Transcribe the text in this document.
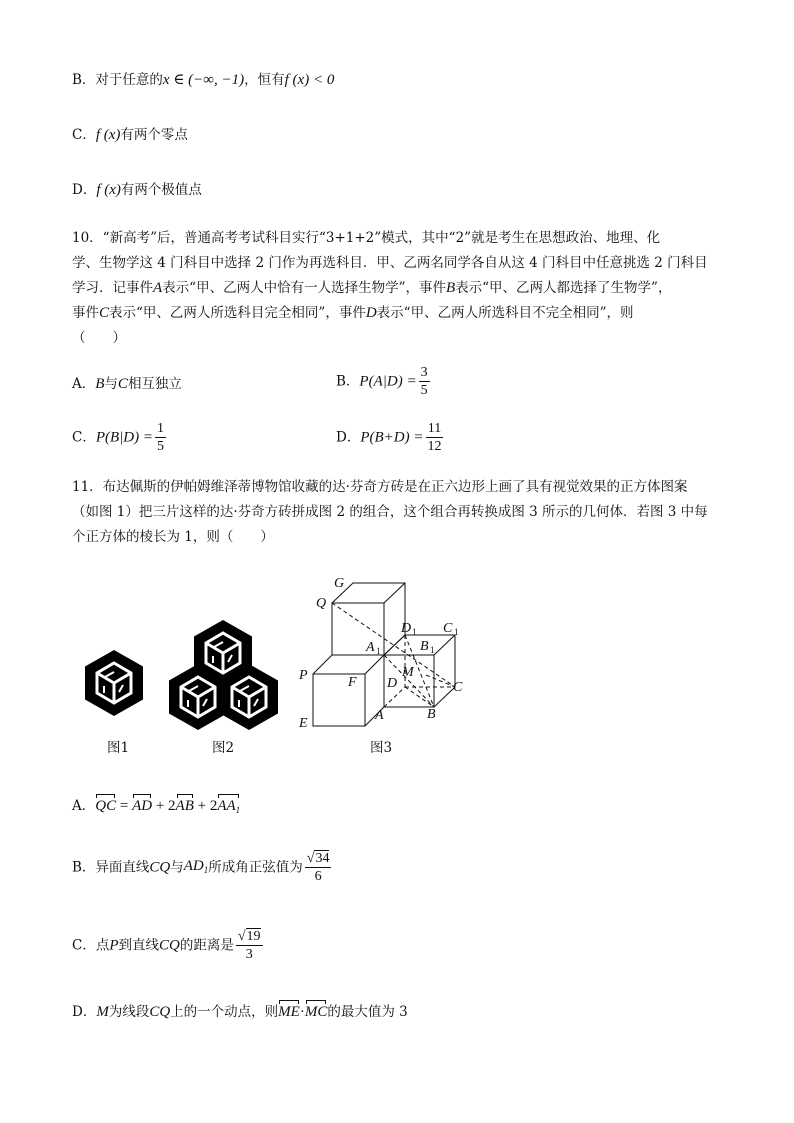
B．对于任意的x ∈ (−∞, −1)，恒有f (x) < 0
C．f (x)有两个零点
D．f (x)有两个极值点
10．“新高考”后，普通高考考试科目实行“3+1+2”模式，其中“2”就是考生在思想政治、地理、化
学、生物学这 4 门科目中选择 2 门作为再选科目．甲、乙两名同学各自从这 4 门科目中任意挑选 2 门科目
学习．记事件A表示“甲、乙两人中恰有一人选择生物学”，事件B表示“甲、乙两人都选择了生物学”，
事件C表示“甲、乙两人所选科目完全相同”，事件D表示“甲、乙两人所选科目不完全相同”，则
（　　）
A．B与C相互独立	B．$P(A|D) = \frac{3}{5}$
C．$P(B|D) = \frac{1}{5}$	D．$P(B+D) = \frac{11}{12}$
11．布达佩斯的伊帕姆维泽蒂博物馆收藏的达·芬奇方砖是在正六边形上画了具有视觉效果的正方体图案
（如图 1）把三片这样的达·芬奇方砖拼成图 2 的组合，这个组合再转换成图 3 所示的几何体．若图 3 中每
个正方体的棱长为 1，则（　　）
G
Q
D 1 C 1
A 1	B 1
P	F
M
D	C
E
A	B
图1	图2	图3
A．QC = AD + $2AB + 2AA_1$
B．异面直线CQ与$AD_1$所成角正弦值为 $\frac{√34}{6}$
C．点P到直线CQ的距离是 $\frac{√19}{3}$
D．M为线段CQ上的一个动点，则ME·MC的最大值为 3
